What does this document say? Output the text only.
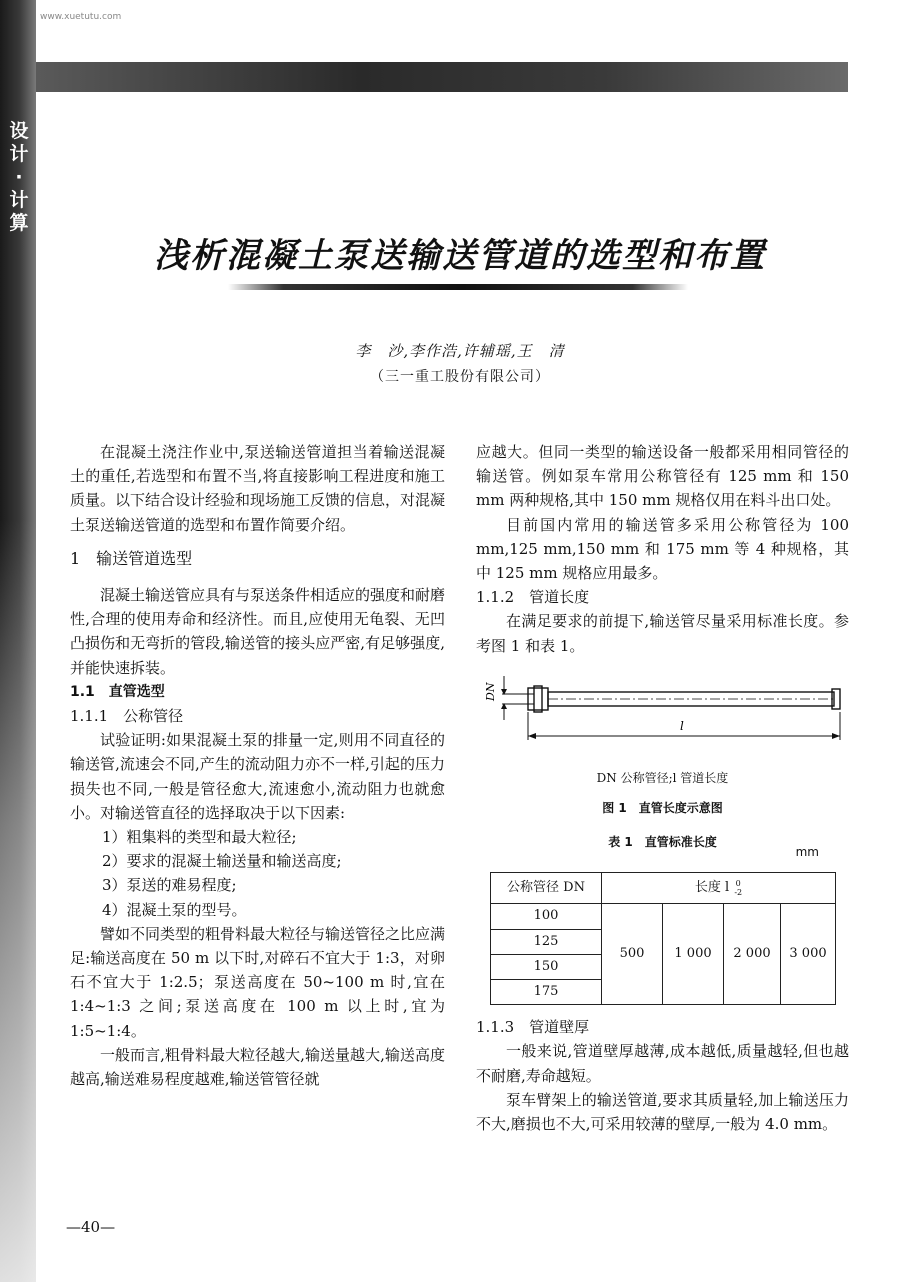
www.xuetutu.com
设
计
·
计
算
浅析混凝土泵送输送管道的选型和布置
李　沙,李作浩,许辅瑶,王　清
（三一重工股份有限公司）

在混凝土浇注作业中,泵送输送管道担当着输送混凝土的重任,若选型和布置不当,将直接影响工程进度和施工质量。以下结合设计经验和现场施工反馈的信息，对混凝土泵送输送管道的选型和布置作简要介绍。

1　输送管道选型

混凝土输送管应具有与泵送条件相适应的强度和耐磨性,合理的使用寿命和经济性。而且,应使用无龟裂、无凹凸损伤和无弯折的管段,输送管的接头应严密,有足够强度,并能快速拆装。

1.1　直管选型

1.1.1　公称管径

试验证明:如果混凝土泵的排量一定,则用不同直径的输送管,流速会不同,产生的流动阻力亦不一样,引起的压力损失也不同,一般是管径愈大,流速愈小,流动阻力也就愈小。对输送管直径的选择取决于以下因素:

1）粗集料的类型和最大粒径;

2）要求的混凝土输送量和输送高度;

3）泵送的难易程度;

4）混凝土泵的型号。

譬如不同类型的粗骨料最大粒径与输送管径之比应满足:输送高度在 50 m 以下时,对碎石不宜大于 1:3，对卵石不宜大于 1:2.5；泵送高度在 50~100 m 时,宜在 1:4~1:3 之间;泵送高度在 100 m 以上时,宜为 1:5~1:4。

一般而言,粗骨料最大粒径越大,输送量越大,输送高度越高,输送难易程度越难,输送管管径就

应越大。但同一类型的输送设备一般都采用相同管径的输送管。例如泵车常用公称管径有 125 mm 和 150 mm 两种规格,其中 150 mm 规格仅用在料斗出口处。

目前国内常用的输送管多采用公称管径为 100 mm,125 mm,150 mm 和 175 mm 等 4 种规格，其中 125 mm 规格应用最多。

1.1.2　管道长度

在满足要求的前提下,输送管尽量采用标准长度。参考图 1 和表 1。

DN
l
DN 公称管径;l 管道长度
图 1　直管长度示意图
表 1　直管标准长度
mm
公称管径 DN	长度 l 0
-2			

100	500	1 000	2 000	3 000
125				
150				
175				

1.1.3　管道壁厚

一般来说,管道壁厚越薄,成本越低,质量越轻,但也越不耐磨,寿命越短。

泵车臂架上的输送管道,要求其质量轻,加上输送压力不大,磨损也不大,可采用较薄的壁厚,一般为 4.0 mm。

—40—
